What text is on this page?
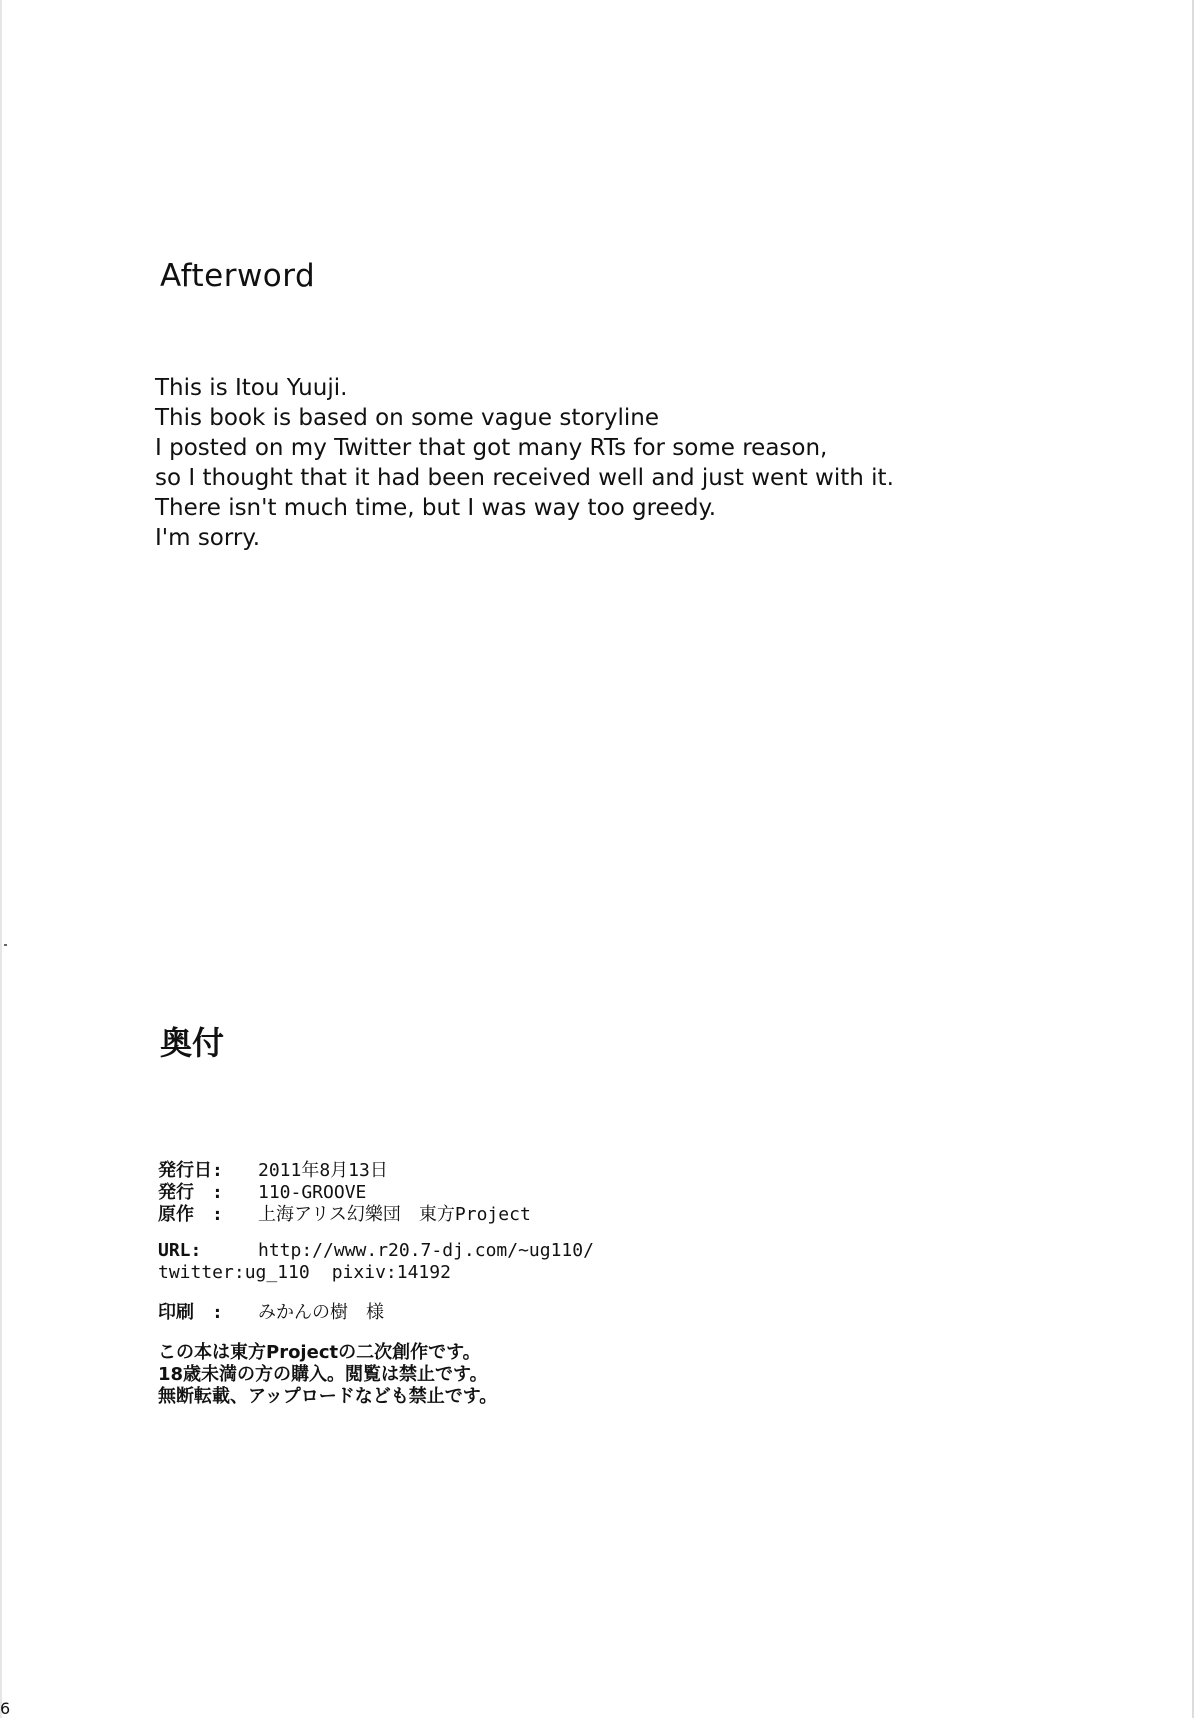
Afterword
This is Itou Yuuji.
This book is based on some vague storyline
I posted on my Twitter that got many RTs for some reason,
so I thought that it had been received well and just went with it.
There isn't much time, but I was way too greedy.
I'm sorry.
奥付
発行日: 2011年8月13日
発行 : 110-GROOVE
原作 : 上海アリス幻樂団　東方Project
URL:	http://www.r20.7-dj.com/~ug110/
twitter:ug_110 pixiv:14192
印刷 : みかんの樹　様
この本は東方Projectの二次創作です。
18歳未満の方の購入。閲覧は禁止です。
無断転載、アップロードなども禁止です。
6
